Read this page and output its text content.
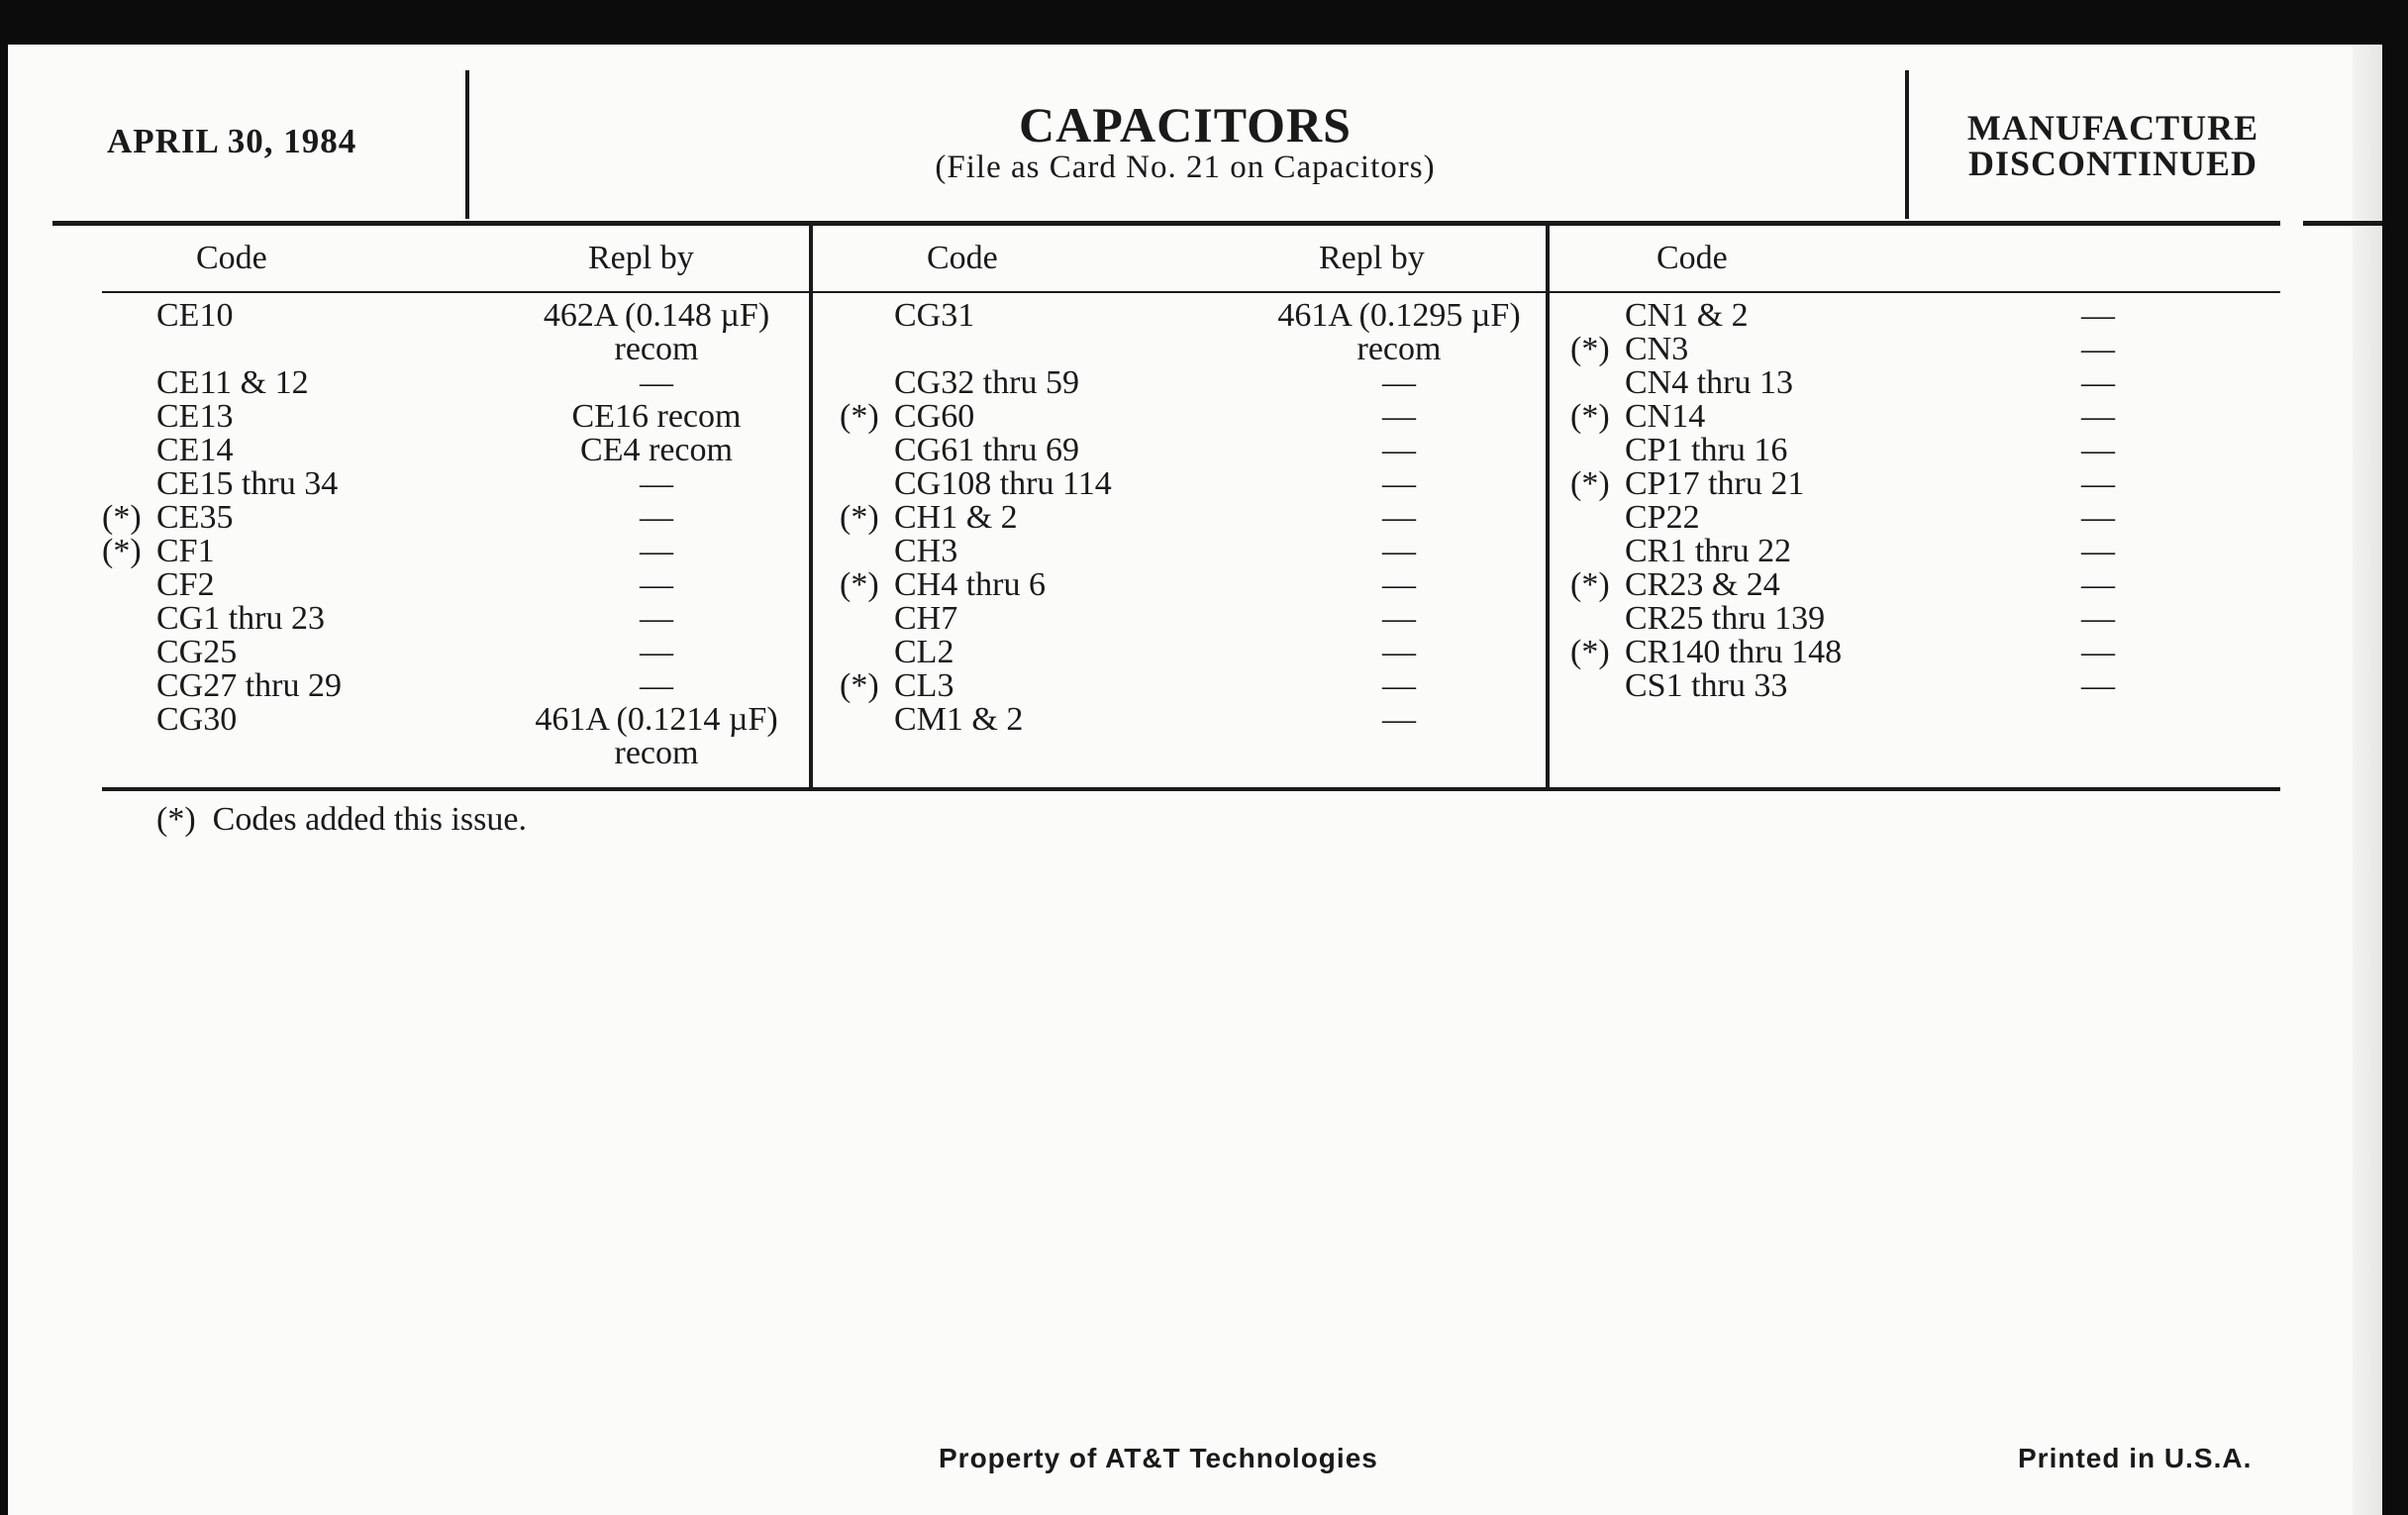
APRIL 30, 1984	CAPACITORS
(File as Card No. 21 on Capacitors)
MANUFACTURE
DISCONTINUED
Code	Repl by	Code	Repl by	Code
CE10	462A (0.148 µF)
recom
CE11 & 12	—
CE13	CE16 recom
CE14	CE4 recom
CE15 thru 34	—
(*) CE35	—
(*) CF1	—
CF2	—
CG1 thru 23	—
CG25	—
CG27 thru 29	—
CG30	461A (0.1214 µF)
recom
CG31	461A (0.1295 µF)
recom
CG32 thru 59	—
(*) CG60	—
CG61 thru 69	—
CG108 thru 114	—
(*) CH1 & 2	—
CH3	—
(*) CH4 thru 6	—
CH7	—
CL2	—
(*) CL3	—
CM1 & 2	—
CN1 & 2	—
(*) CN3	—
CN4 thru 13	—
(*) CN14	—
CP1 thru 16	—
(*) CP17 thru 21	—
CP22	—
CR1 thru 22	—
(*) CR23 & 24	—
CR25 thru 139	—
(*) CR140 thru 148	—
CS1 thru 33	—
(*)  Codes added this issue.
Property of AT&T Technologies	Printed in U.S.A.
